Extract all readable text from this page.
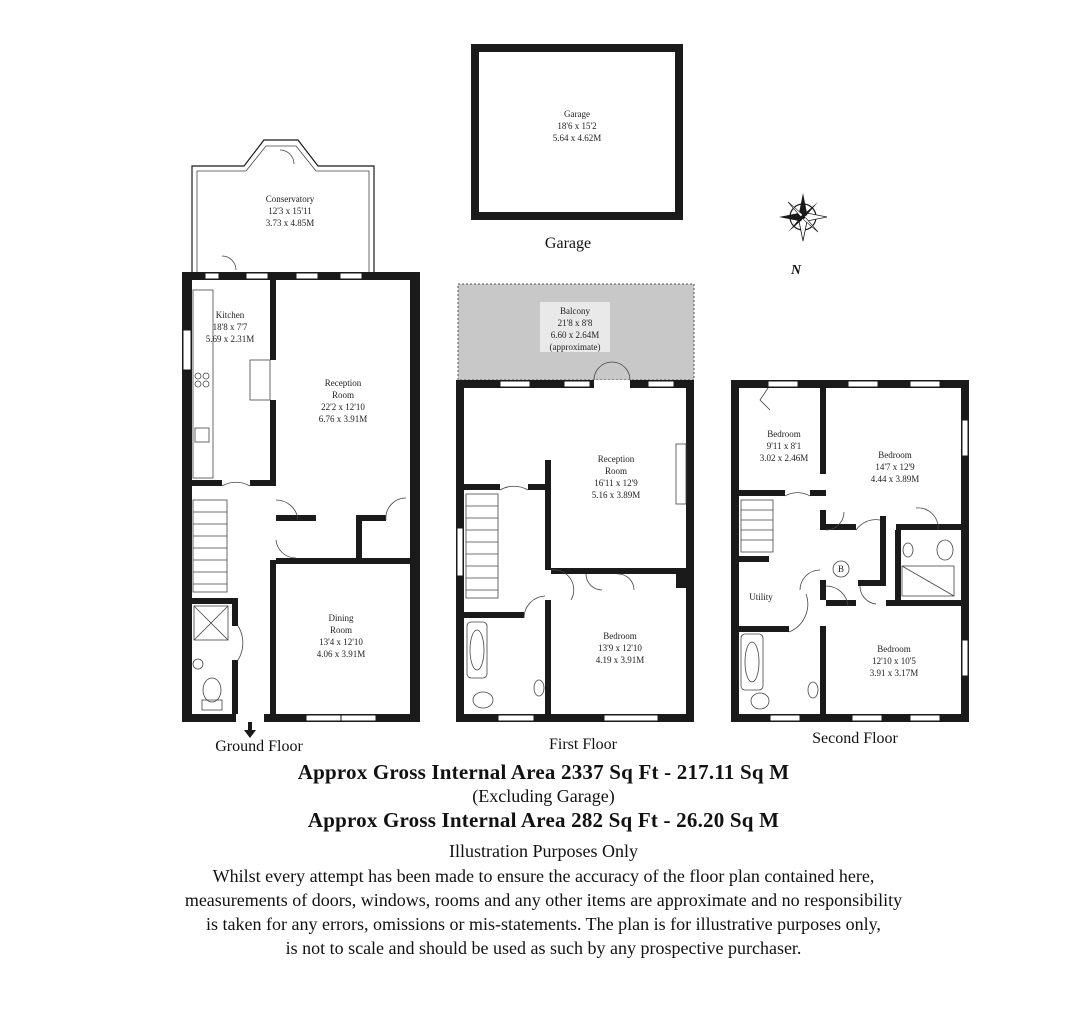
Garage
18'6 x 15'2
5.64 x 4.62M
Garage
N
Conservatory
12'3 x 15'11
3.73 x 4.85M
Kitchen
18'8 x 7'7
5.69 x 2.31M
Reception
Room
22'2 x 12'10
6.76 x 3.91M
Dining
Room
13'4 x 12'10
4.06 x 3.91M
Ground Floor
Balcony
21'8 x 8'8
6.60 x 2.64M
(approximate)
Reception
Room
16'11 x 12'9
5.16 x 3.89M
Bedroom
13'9 x 12'10
4.19 x 3.91M
First Floor
B
Utility
Bedroom
9'11 x 8'1
3.02 x 2.46M	Bedroom
14'7 x 12'9
4.44 x 3.89M
Bedroom
12'10 x 10'5
3.91 x 3.17M
Second Floor
Approx Gross Internal Area 2337 Sq Ft - 217.11 Sq M
(Excluding Garage)
Approx Gross Internal Area 282 Sq Ft - 26.20 Sq M
Illustration Purposes Only
Whilst every attempt has been made to ensure the accuracy of the floor plan contained here,
measurements of doors, windows, rooms and any other items are approximate and no responsibility
is taken for any errors, omissions or mis-statements. The plan is for illustrative purposes only,
is not to scale and should be used as such by any prospective purchaser.
